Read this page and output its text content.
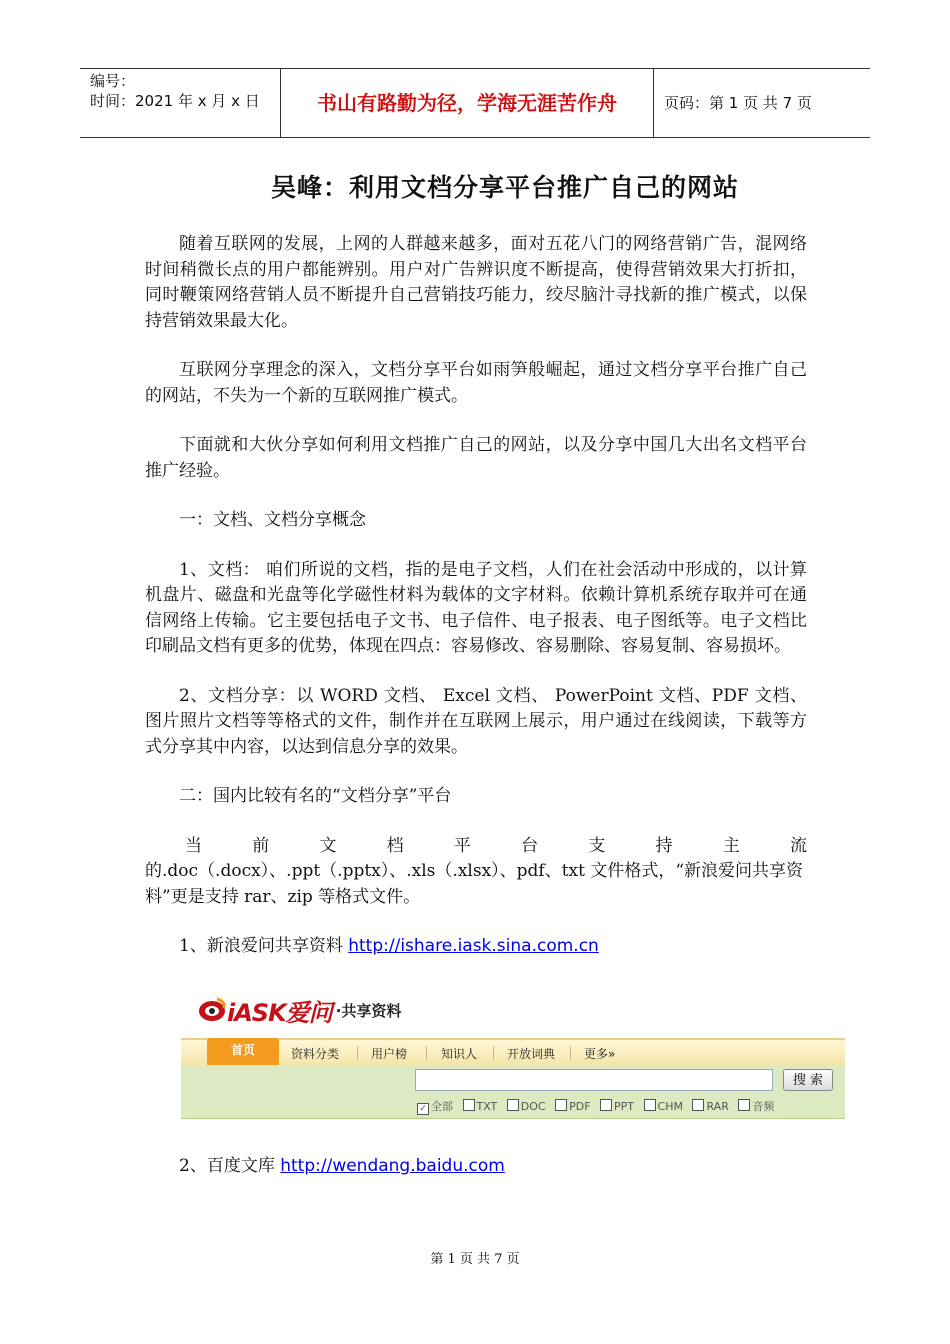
编号：
时间：2021 年 x 月 x 日	书山有路勤为径，学海无涯苦作舟	页码：第 1 页 共 7 页
吴峰：利用文档分享平台推广自己的网站

随着互联网的发展，上网的人群越来越多，面对五花八门的网络营销广告，混网络时间稍微长点的用户都能辨别。用户对广告辨识度不断提高，使得营销效果大打折扣，同时鞭策网络营销人员不断提升自己营销技巧能力，绞尽脑汁寻找新的推广模式，以保持营销效果最大化。

互联网分享理念的深入，文档分享平台如雨笋般崛起，通过文档分享平台推广自己的网站，不失为一个新的互联网推广模式。

下面就和大伙分享如何利用文档推广自己的网站，以及分享中国几大出名文档平台推广经验。

一：文档、文档分享概念

1、文档： 咱们所说的文档，指的是电子文档，人们在社会活动中形成的，以计算机盘片、磁盘和光盘等化学磁性材料为载体的文字材料。依赖计算机系统存取并可在通信网络上传输。它主要包括电子文书、电子信件、电子报表、电子图纸等。电子文档比印刷品文档有更多的优势，体现在四点：容易修改、容易删除、容易复制、容易损坏。

2、文档分享：以 WORD 文档、 Excel 文档、 PowerPoint 文档、PDF 文档、图片照片文档等等格式的文件，制作并在互联网上展示，用户通过在线阅读，下载等方式分享其中内容，以达到信息分享的效果。

二：国内比较有名的“文档分享”平台

当	前	文	档	平	台	支	持	主	流
的.doc（.docx）、.ppt（.pptx）、.xls（.xlsx）、pdf、txt 文件格式，“新浪爱问共享资料”更是支持 rar、zip 等格式文件。

1、新浪爱问共享资料 http://ishare.iask.sina.com.cn

iASK爱问 ·共享资料
首页	资料分类	用户榜	知识人 开放词典 更多»
搜 索
✓ 全部 TXT DOC PDF PPT CHM RAR 音频
2、百度文库 http://wendang.baidu.com
第 1 页 共 7 页
